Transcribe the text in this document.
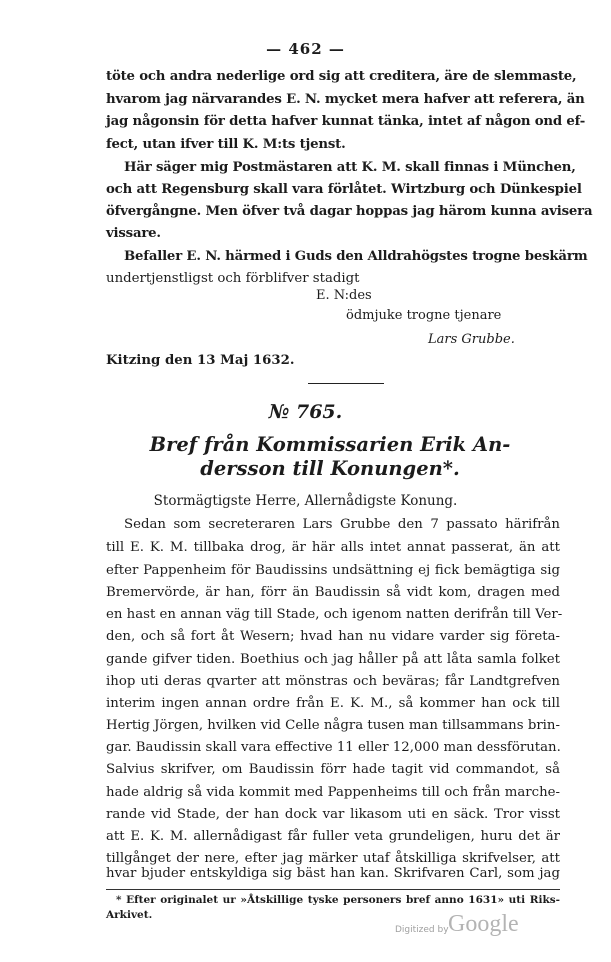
— 462 —
töte och andra nederlige ord sig att creditera, äre de slemmaste,
hvarom jag närvarandes E. N. mycket mera hafver att referera, än
jag någonsin för detta hafver kunnat tänka, intet af någon ond ef-
fect, utan ifver till K. M:ts tjenst.
Här säger mig Postmästaren att K. M. skall finnas i München,
och att Regensburg skall vara förlåtet. Wirtzburg och Dünkespiel
öfvergångne. Men öfver två dagar hoppas jag härom kunna avisera
vissare.
Befaller E. N. härmed i Guds den Alldrahögstes trogne beskärm
undertjenstligst och förblifver stadigt
E. N:des
ödmjuke trogne tjenare
Lars Grubbe.
Kitzing den 13 Maj 1632.
№ 765.
Bref från Kommissarien Erik An-
dersson till Konungen*.
Stormägtigste Herre, Allernådigste Konung.
Sedan som secreteraren Lars Grubbe den 7 passato härifrån
till E. K. M. tillbaka drog, är här alls intet annat passerat, än att
efter Pappenheim för Baudissins undsättning ej fick bemägtiga sig
Bremervörde, är han, förr än Baudissin så vidt kom, dragen med
en hast en annan väg till Stade, och igenom natten derifrån till Ver-
den, och så fort åt Wesern; hvad han nu vidare varder sig företa-
gande gifver tiden. Boethius och jag håller på att låta samla folket
ihop uti deras qvarter att mönstras och beväras; får Landtgrefven
interim ingen annan ordre från E. K. M., så kommer han ock till
Hertig Jörgen, hvilken vid Celle några tusen man tillsammans brin-
gar. Baudissin skall vara effective 11 eller 12,000 man dessförutan.
Salvius skrifver, om Baudissin förr hade tagit vid commandot, så
hade aldrig så vida kommit med Pappenheims till och från marche-
rande vid Stade, der han dock var likasom uti en säck. Tror visst
att E. K. M. allernådigast får fuller veta grundeligen, huru det är
tillgånget der nere, efter jag märker utaf åtskilliga skrifvelser, att
hvar bjuder entskyldiga sig bäst han kan. Skrifvaren Carl, som jag
* Efter originalet ur »Åtskillige tyske personers bref anno 1631» uti Riks-
Arkivet.
Digitized by Google
